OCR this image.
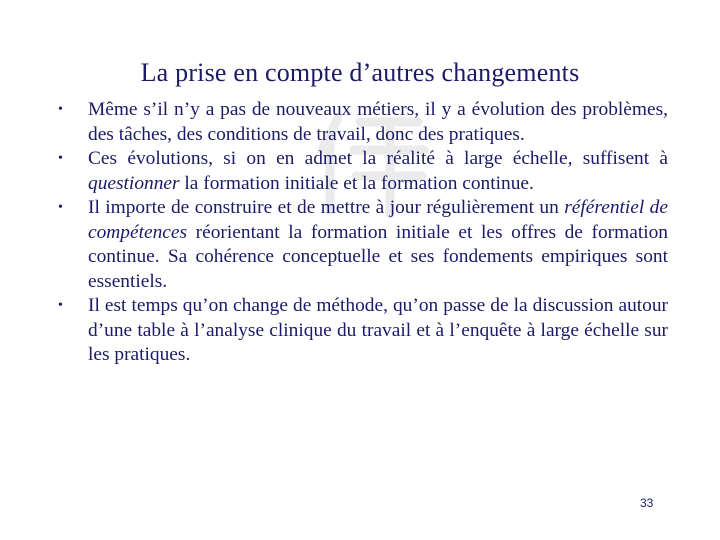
La prise en compte d’autres changements
• Même s’il n’y a pas de nouveaux métiers, il y a évolution des problèmes, des tâches, des conditions de travail, donc des pratiques.
• Ces évolutions, si on en admet la réalité à large échelle, suffisent à questionner la formation initiale et la formation continue.
• Il importe de construire et de mettre à jour régulièrement un référentiel de compétences réorientant la formation initiale et les offres de formation continue. Sa cohérence conceptuelle et ses fondements empiriques sont essentiels.
• Il est temps qu’on change de méthode, qu’on passe de la discussion autour d’une table à l’analyse clinique du travail et à l’enquête à large échelle sur les pratiques.
33
